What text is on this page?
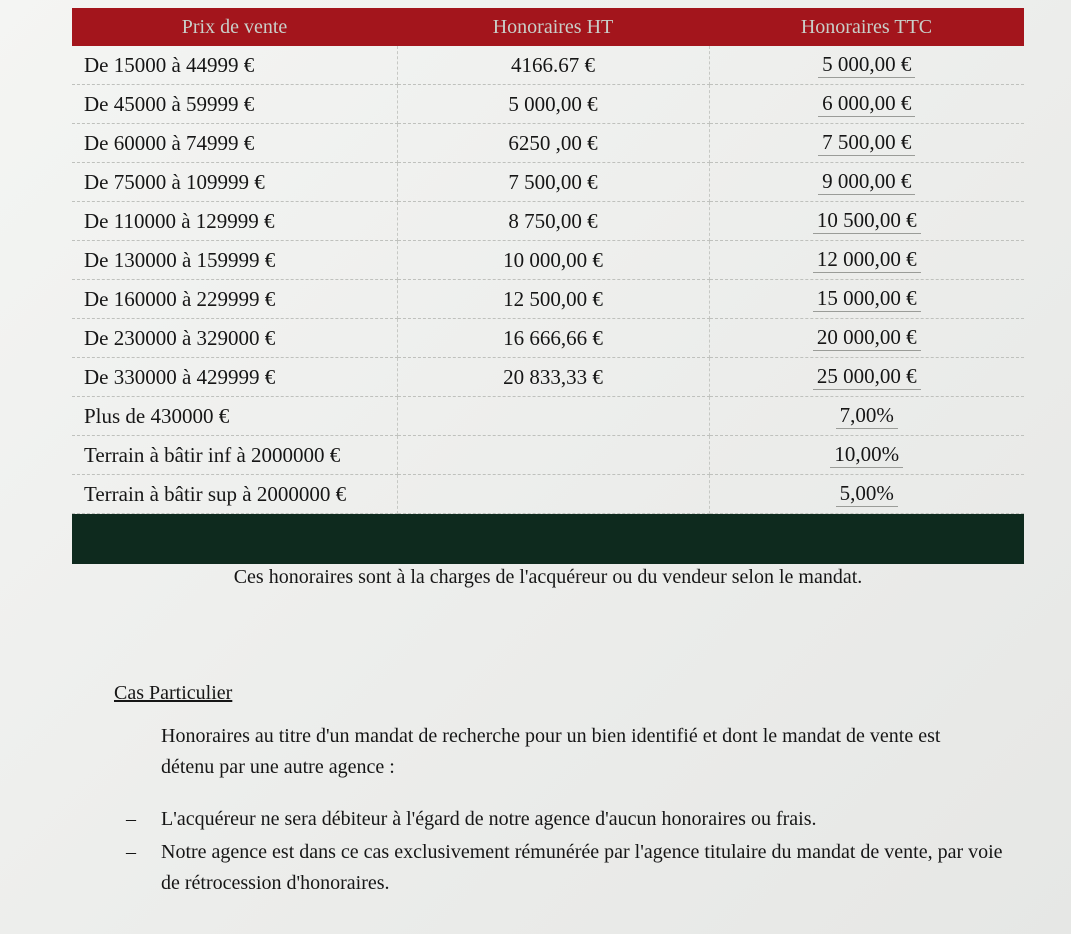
Prix de vente	Honoraires HT	Honoraires TTC
De 15000 à 44999 €	4166.67 €	5 000,00 €
De 45000 à 59999 €	5 000,00 €	6 000,00 €
De 60000 à 74999 €	6250 ,00 €	7 500,00 €
De 75000 à 109999 €	7 500,00 €	9 000,00 €
De 110000 à 129999 €	8 750,00 €	10 500,00 €
De 130000 à 159999 €	10 000,00 €	12 000,00 €
De 160000 à 229999 €	12 500,00 €	15 000,00 €
De 230000 à 329000 €	16 666,66 €	20 000,00 €
De 330000 à 429999 €	20 833,33 €	25 000,00 €
Plus de 430000 €		7,00%
Terrain à bâtir inf à 2000000 €		10,00%
Terrain à bâtir sup à 2000000 €		5,00%

Ces honoraires sont à la charges de l'acquéreur ou du vendeur selon le mandat.

Cas Particulier

Honoraires au titre d'un mandat de recherche pour un bien identifié et dont le mandat de vente est détenu par une autre agence :

– L'acquéreur ne sera débiteur à l'égard de notre agence d'aucun honoraires ou frais.
– Notre agence est dans ce cas exclusivement rémunérée par l'agence titulaire du mandat de vente, par voie de rétrocession d'honoraires.
